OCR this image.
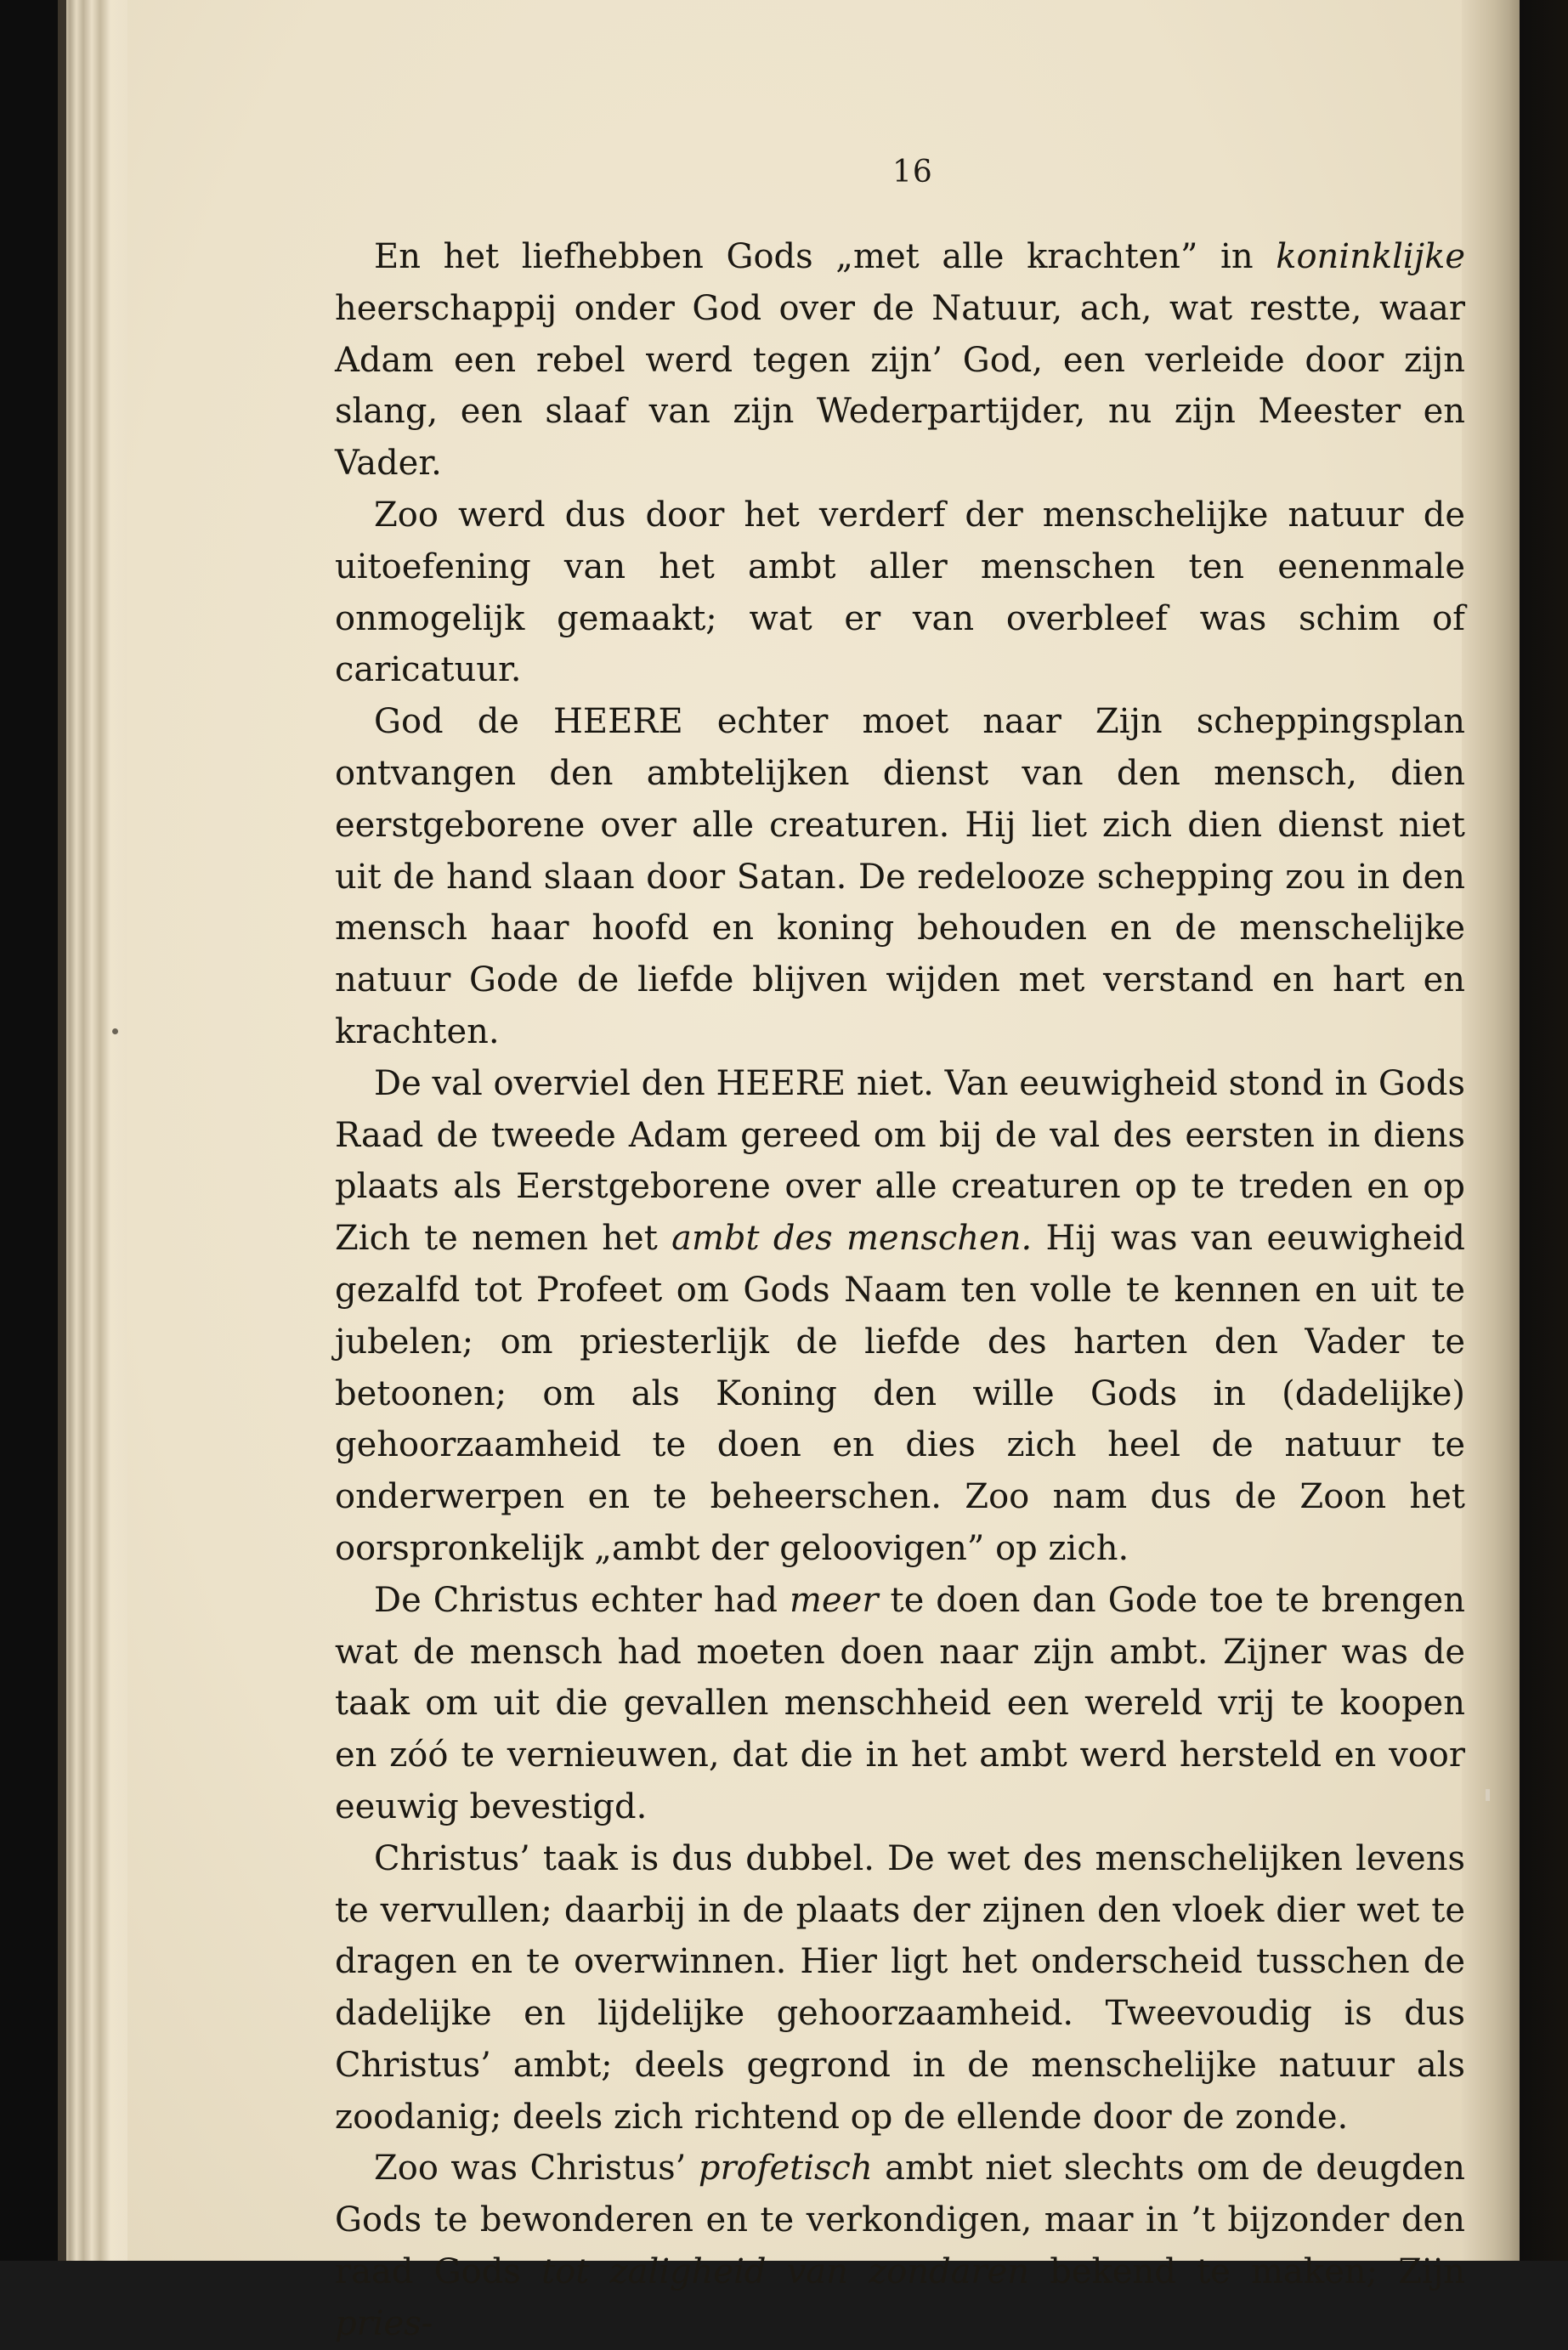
16

En het liefhebben Gods „met alle krachten” in koninklijke heerschappij onder God over de Natuur, ach, wat restte, waar Adam een rebel werd tegen zijn’ God, een verleide door zijn slang, een slaaf van zijn Wederpartijder, nu zijn Meester en Vader.

Zoo werd dus door het verderf der menschelijke natuur de uitoefening van het ambt aller menschen ten eenenmale onmogelijk gemaakt; wat er van overbleef was schim of caricatuur.

God de HEERE echter moet naar Zijn scheppingsplan ontvangen den ambtelijken dienst van den mensch, dien eerstgeborene over alle creaturen. Hij liet zich dien dienst niet uit de hand slaan door Satan. De redelooze schepping zou in den mensch haar hoofd en koning behouden en de menschelijke natuur Gode de liefde blijven wijden met verstand en hart en krachten.

De val overviel den HEERE niet. Van eeuwigheid stond in Gods Raad de tweede Adam gereed om bij de val des eersten in diens plaats als Eerstgeborene over alle creaturen op te treden en op Zich te nemen het ambt des menschen. Hij was van eeuwigheid gezalfd tot Profeet om Gods Naam ten volle te kennen en uit te jubelen; om priesterlijk de liefde des harten den Vader te betoonen; om als Koning den wille Gods in (dadelijke) gehoorzaamheid te doen en dies zich heel de natuur te onderwerpen en te beheerschen. Zoo nam dus de Zoon het oorspronkelijk „ambt der geloovigen” op zich.

De Christus echter had meer te doen dan Gode toe te brengen wat de mensch had moeten doen naar zijn ambt. Zijner was de taak om uit die gevallen menschheid een wereld vrij te koopen en zóó te vernieuwen, dat die in het ambt werd hersteld en voor eeuwig bevestigd.

Christus’ taak is dus dubbel. De wet des menschelijken levens te vervullen; daarbij in de plaats der zijnen den vloek dier wet te dragen en te overwinnen. Hier ligt het onderscheid tusschen de dadelijke en lijdelijke gehoorzaamheid. Tweevoudig is dus Christus’ ambt; deels gegrond in de menschelijke natuur als zoodanig; deels zich richtend op de ellende door de zonde.

Zoo was Christus’ profetisch ambt niet slechts om de deugden Gods te bewonderen en te verkondigen, maar in ’t bijzonder den raad Gods tot zaligheid van zondaren bekend te maken; Zijn pries-
